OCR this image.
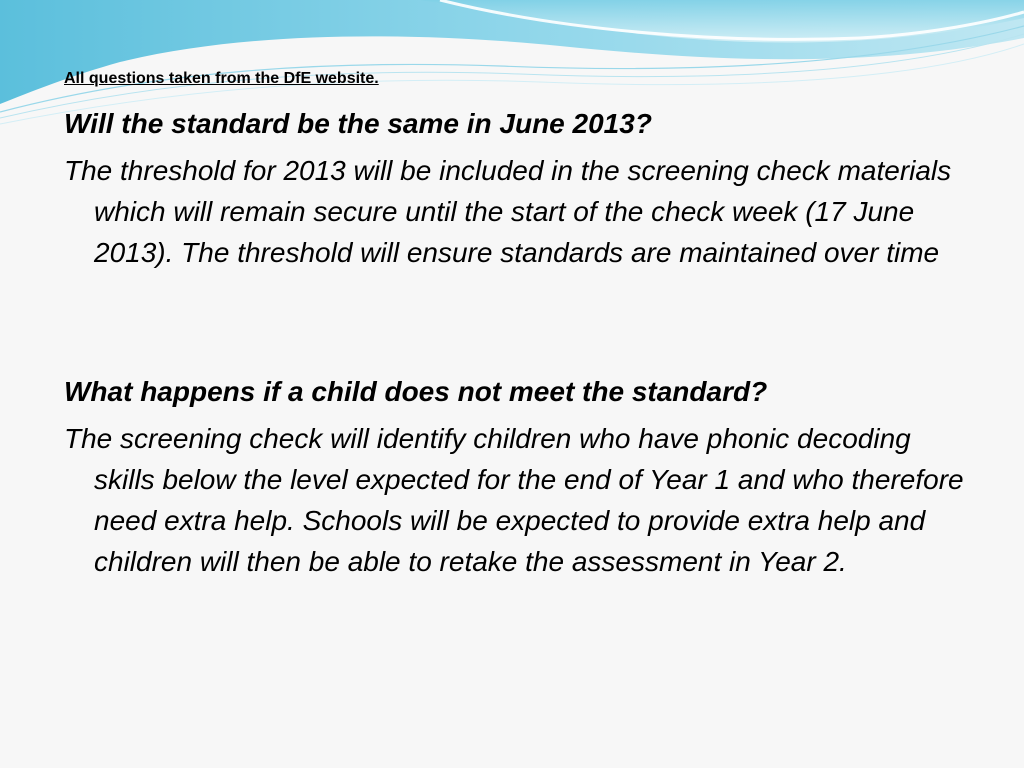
All questions taken from the DfE website.

Will the standard be the same in June 2013?

The threshold for 2013 will be included in the screening check materials which will remain secure until the start of the check week (17 June 2013). The threshold will ensure standards are maintained over time

What happens if a child does not meet the standard?

The screening check will identify children who have phonic decoding skills below the level expected for the end of Year 1 and who therefore need extra help. Schools will be expected to provide extra help and children will then be able to retake the assessment in Year 2.
